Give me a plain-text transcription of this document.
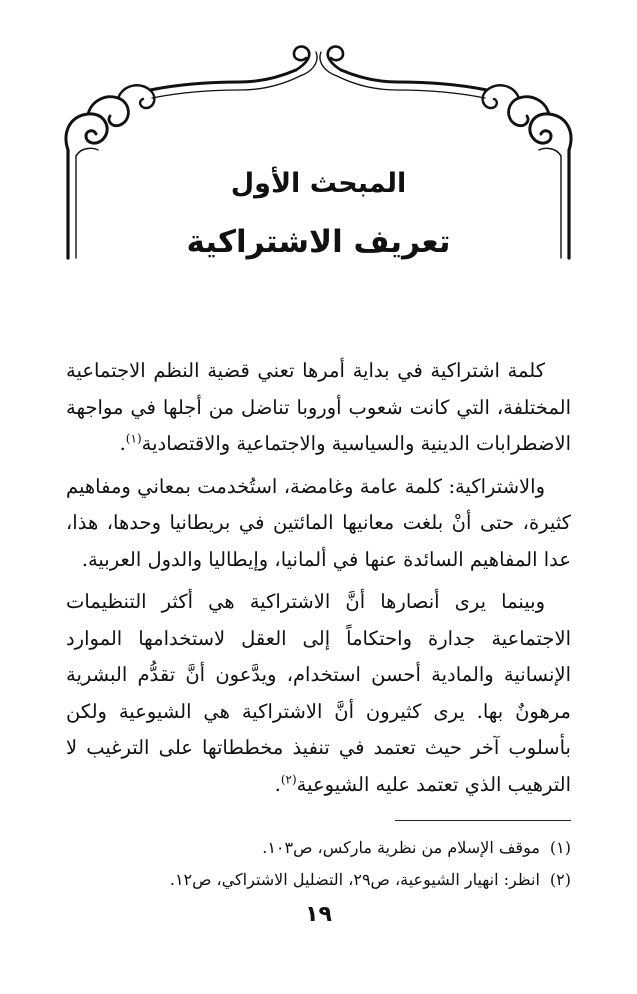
المبحث الأول
تعريف الاشتراكية

كلمة اشتراكية في بداية أمرها تعني قضية النظم الاجتماعية المختلفة، التي كانت شعوب أوروبا تناضل من أجلها في مواجهة الاضطرابات الدينية والسياسية والاجتماعية والاقتصادية$^{(١)}$.

والاشتراكية: كلمة عامة وغامضة، استُخدمت بمعاني ومفاهيم كثيرة، حتى أنْ بلغت معانيها المائتين في بريطانيا وحدها، هذا، عدا المفاهيم السائدة عنها في ألمانيا، وإيطاليا والدول العربية.

وبينما يرى أنصارها أنَّ الاشتراكية هي أكثر التنظيمات الاجتماعية جدارة واحتكاماً إلى العقل لاستخدامها الموارد الإنسانية والمادية أحسن استخدام، ويدَّعون أنَّ تقدُّم البشرية مرهونٌ بها. يرى كثيرون أنَّ الاشتراكية هي الشيوعية ولكن بأسلوب آخر حيث تعتمد في تنفيذ مخططاتها على الترغيب لا الترهيب الذي تعتمد عليه الشيوعية$^{(٢)}$.

(١)موقف الإسلام من نظرية ماركس، ص١٠٣.

(٢)انظر: انهيار الشيوعية، ص٢٩، التضليل الاشتراكي، ص١٢.

١٩
